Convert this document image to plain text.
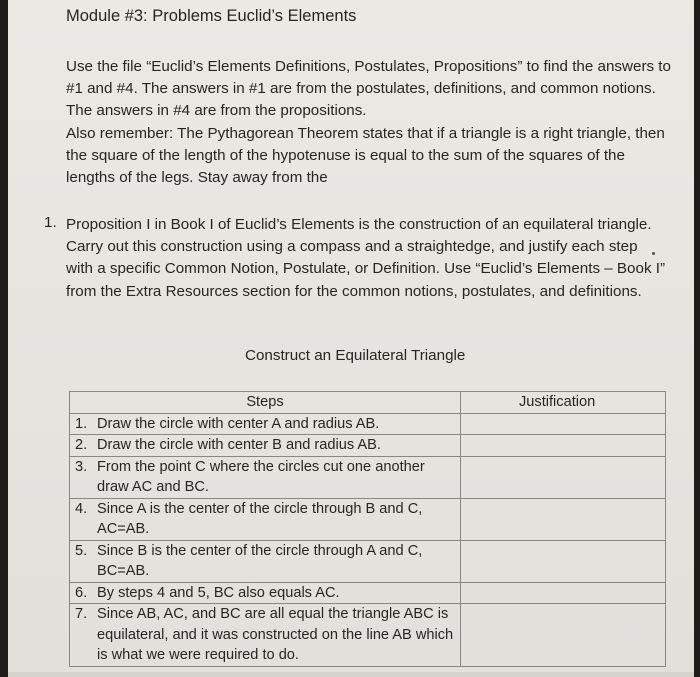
Module #3: Problems Euclid’s Elements

Use the file “Euclid’s Elements Definitions, Postulates, Propositions” to find the answers to #1 and #4. The answers in #1 are from the postulates, definitions, and common notions. The answers in #4 are from the propositions.

Also remember: The Pythagorean Theorem states that if a triangle is a right triangle, then the square of the length of the hypotenuse is equal to the sum of the squares of the lengths of the legs. Stay away from the

1. Proposition I in Book I of Euclid’s Elements is the construction of an equilateral triangle. Carry out this construction using a compass and a straightedge, and justify each step with a specific Common Notion, Postulate, or Definition. Use “Euclid’s Elements – Book I” from the Extra Resources section for the common notions, postulates, and definitions.
Construct an Equilateral Triangle
Steps	Justification

1. Draw the circle with center A and radius AB.	

2. Draw the circle with center B and radius AB.	

3. From the point C where the circles cut one another draw AC and BC.	

4. Since A is the center of the circle through B and C, AC=AB.	

5. Since B is the center of the circle through A and C, BC=AB.	

6. By steps 4 and 5, BC also equals AC.	

7. Since AB, AC, and BC are all equal the triangle ABC is equilateral, and it was constructed on the line AB which is what we were required to do.	
